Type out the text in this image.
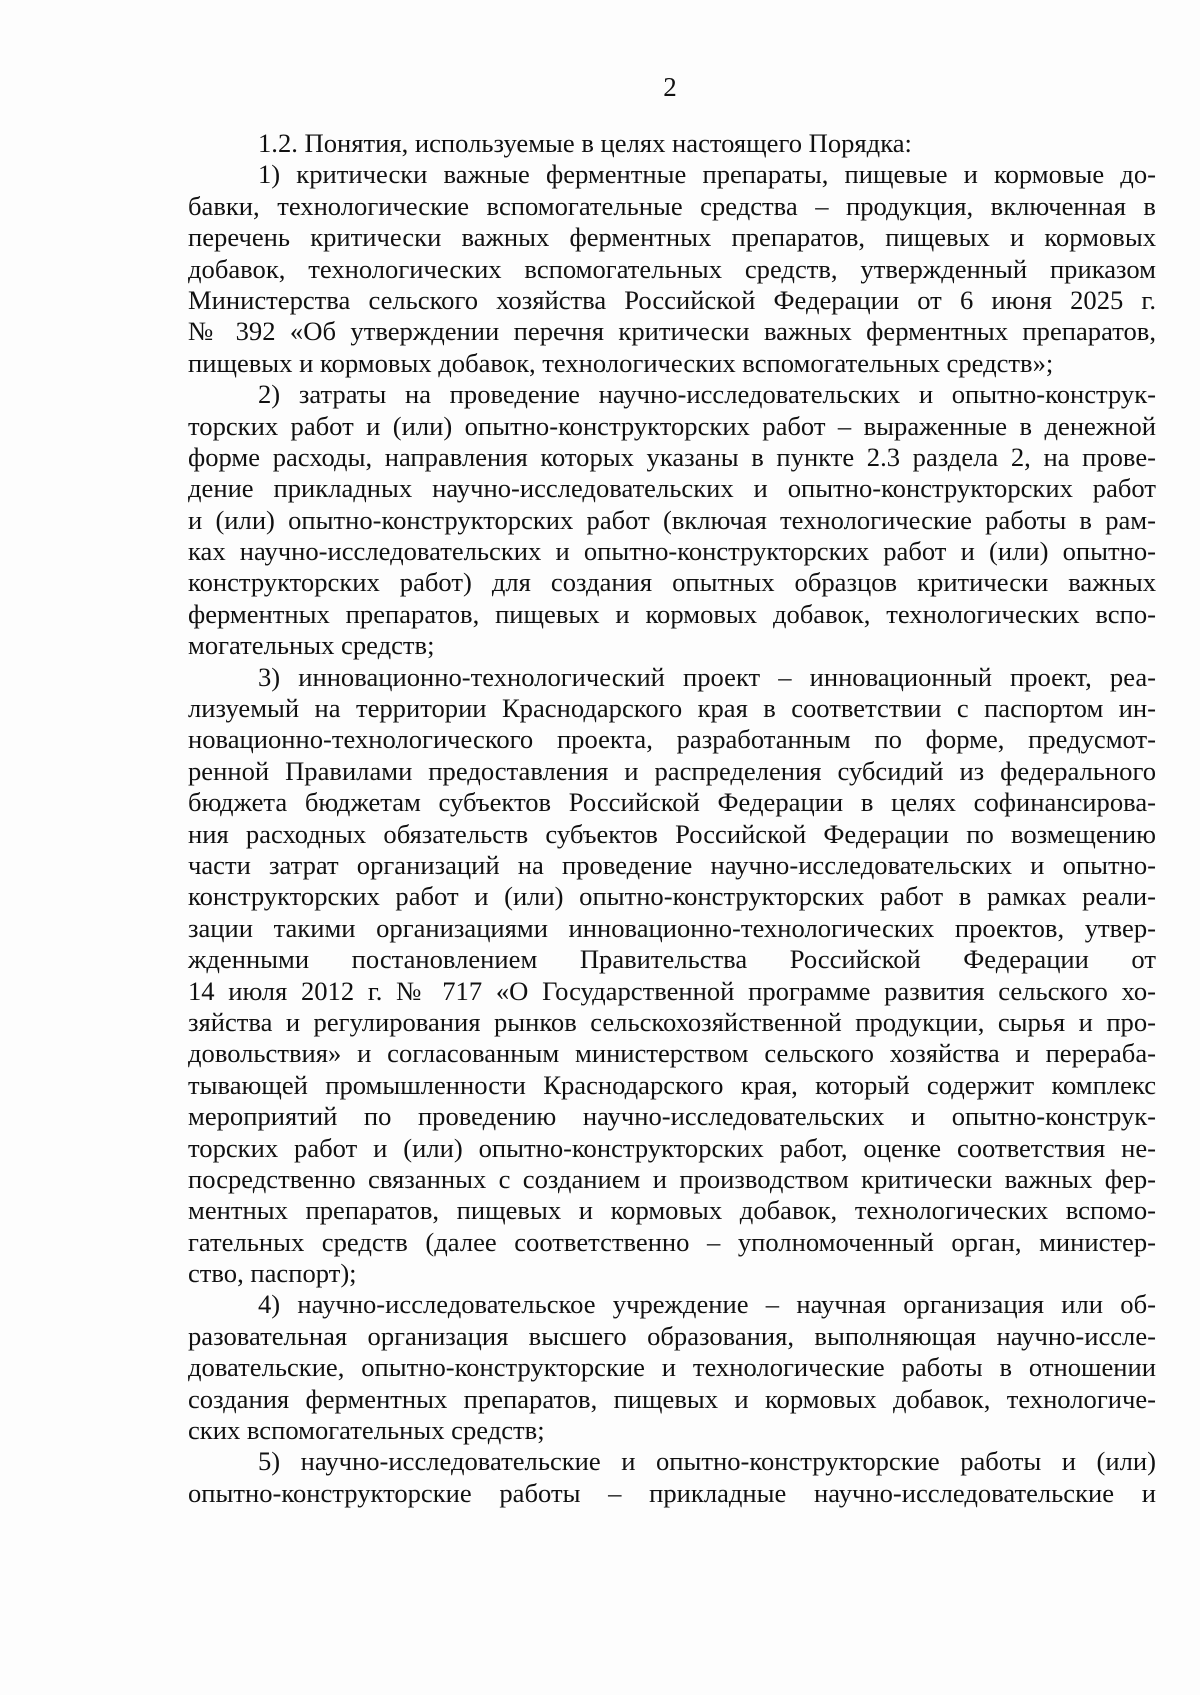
2
1.2. Понятия, используемые в целях настоящего Порядка:
1) критически важные ферментные препараты, пищевые и кормовые до-
бавки, технологические вспомогательные средства – продукция, включенная в
перечень критически важных ферментных препаратов, пищевых и кормовых
добавок, технологических вспомогательных средств, утвержденный приказом
Министерства сельского хозяйства Российской Федерации от 6 июня 2025 г.
№ 392 «Об утверждении перечня критически важных ферментных препаратов,
пищевых и кормовых добавок, технологических вспомогательных средств»;
2) затраты на проведение научно-исследовательских и опытно-конструк-
торских работ и (или) опытно-конструкторских работ – выраженные в денежной
форме расходы, направления которых указаны в пункте 2.3 раздела 2, на прове-
дение прикладных научно-исследовательских и опытно-конструкторских работ
и (или) опытно-конструкторских работ (включая технологические работы в рам-
ках научно-исследовательских и опытно-конструкторских работ и (или) опытно-
конструкторских работ) для создания опытных образцов критически важных
ферментных препаратов, пищевых и кормовых добавок, технологических вспо-
могательных средств;
3) инновационно-технологический проект – инновационный проект, реа-
лизуемый на территории Краснодарского края в соответствии с паспортом ин-
новационно-технологического проекта, разработанным по форме, предусмот-
ренной Правилами предоставления и распределения субсидий из федерального
бюджета бюджетам субъектов Российской Федерации в целях софинансирова-
ния расходных обязательств субъектов Российской Федерации по возмещению
части затрат организаций на проведение научно-исследовательских и опытно-
конструкторских работ и (или) опытно-конструкторских работ в рамках реали-
зации такими организациями инновационно-технологических проектов, утвер-
жденными постановлением Правительства Российской Федерации от
14 июля 2012 г. № 717 «О Государственной программе развития сельского хо-
зяйства и регулирования рынков сельскохозяйственной продукции, сырья и про-
довольствия» и согласованным министерством сельского хозяйства и перераба-
тывающей промышленности Краснодарского края, который содержит комплекс
мероприятий по проведению научно-исследовательских и опытно-конструк-
торских работ и (или) опытно-конструкторских работ, оценке соответствия не-
посредственно связанных с созданием и производством критически важных фер-
ментных препаратов, пищевых и кормовых добавок, технологических вспомо-
гательных средств (далее соответственно – уполномоченный орган, министер-
ство, паспорт);
4) научно-исследовательское учреждение – научная организация или об-
разовательная организация высшего образования, выполняющая научно-иссле-
довательские, опытно-конструкторские и технологические работы в отношении
создания ферментных препаратов, пищевых и кормовых добавок, технологиче-
ских вспомогательных средств;
5) научно-исследовательские и опытно-конструкторские работы и (или)
опытно-конструкторские работы – прикладные научно-исследовательские и
